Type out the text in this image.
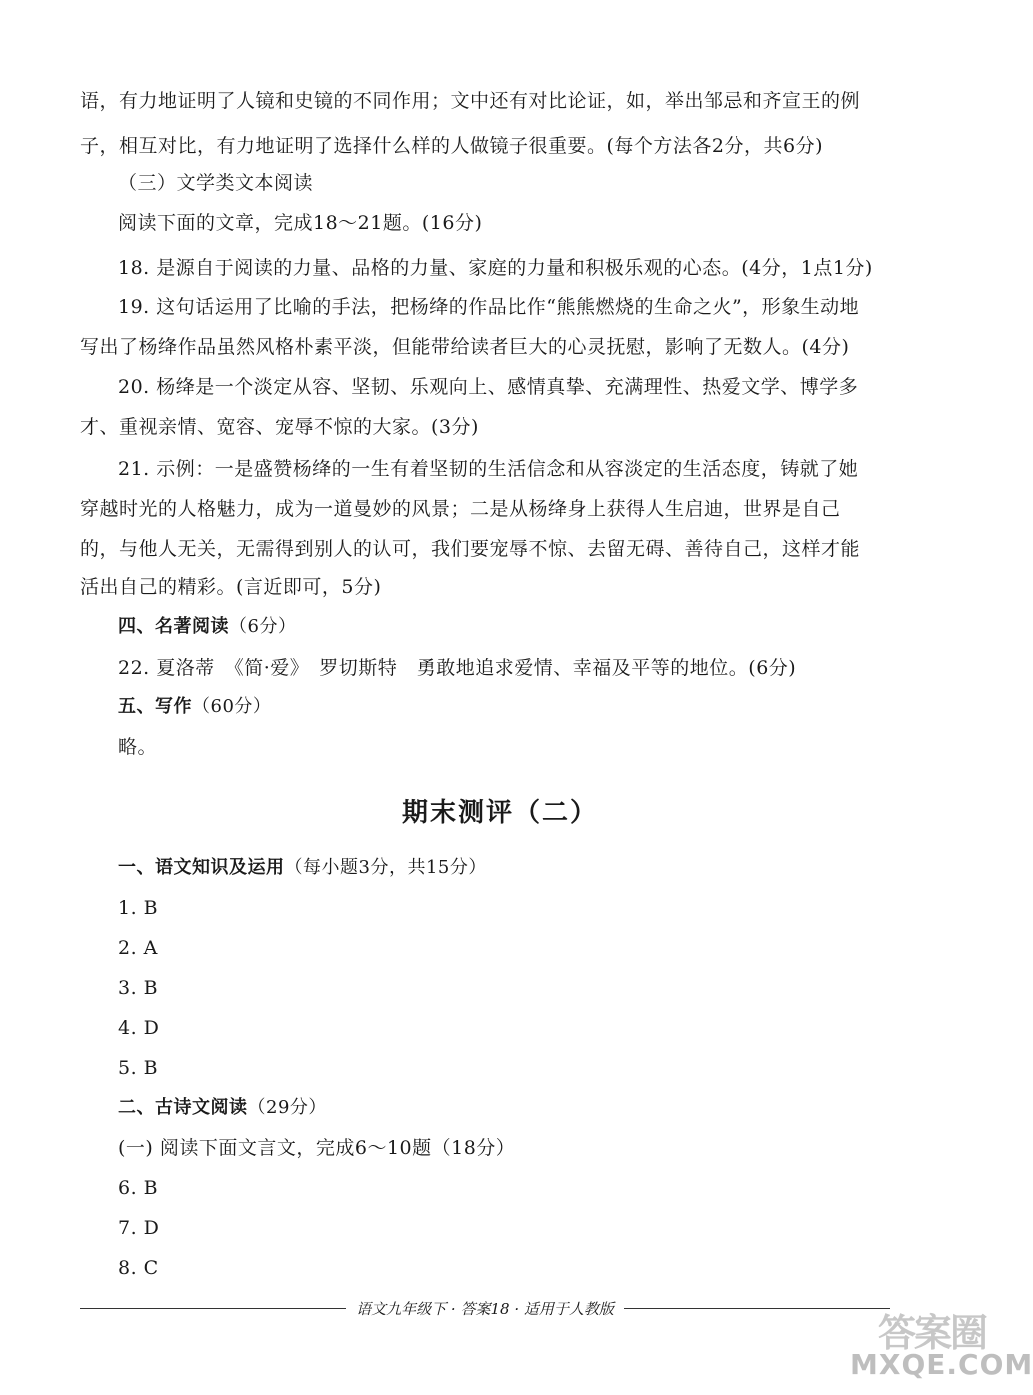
语，有力地证明了人镜和史镜的不同作用；文中还有对比论证，如，举出邹忌和齐宣王的例
子，相互对比，有力地证明了选择什么样的人做镜子很重要。(每个方法各2分，共6分)
（三）文学类文本阅读
阅读下面的文章，完成18～21题。(16分)
18. 是源自于阅读的力量、品格的力量、家庭的力量和积极乐观的心态。(4分，1点1分)
19. 这句话运用了比喻的手法，把杨绛的作品比作“熊熊燃烧的生命之火”，形象生动地
写出了杨绛作品虽然风格朴素平淡，但能带给读者巨大的心灵抚慰，影响了无数人。(4分)
20. 杨绛是一个淡定从容、坚韧、乐观向上、感情真挚、充满理性、热爱文学、博学多
才、重视亲情、宽容、宠辱不惊的大家。(3分)
21. 示例：一是盛赞杨绛的一生有着坚韧的生活信念和从容淡定的生活态度，铸就了她
穿越时光的人格魅力，成为一道曼妙的风景；二是从杨绛身上获得人生启迪，世界是自己
的，与他人无关，无需得到别人的认可，我们要宠辱不惊、去留无碍、善待自己，这样才能
活出自己的精彩。(言近即可，5分)
四、名著阅读（6分）
22. 夏洛蒂　《简·爱》　罗切斯特　勇敢地追求爱情、幸福及平等的地位。(6分)
五、写作（60分）
略。
期末测评（二）
一、语文知识及运用（每小题3分，共15分）
1. B
2. A
3. B
4. D
5. B
二、古诗文阅读（29分）
(一) 阅读下面文言文，完成6～10题（18分）
6. B
7. D
8. C
语文九年级下 · 答案18 · 适用于人教版
答案圈
MXQE.COM
